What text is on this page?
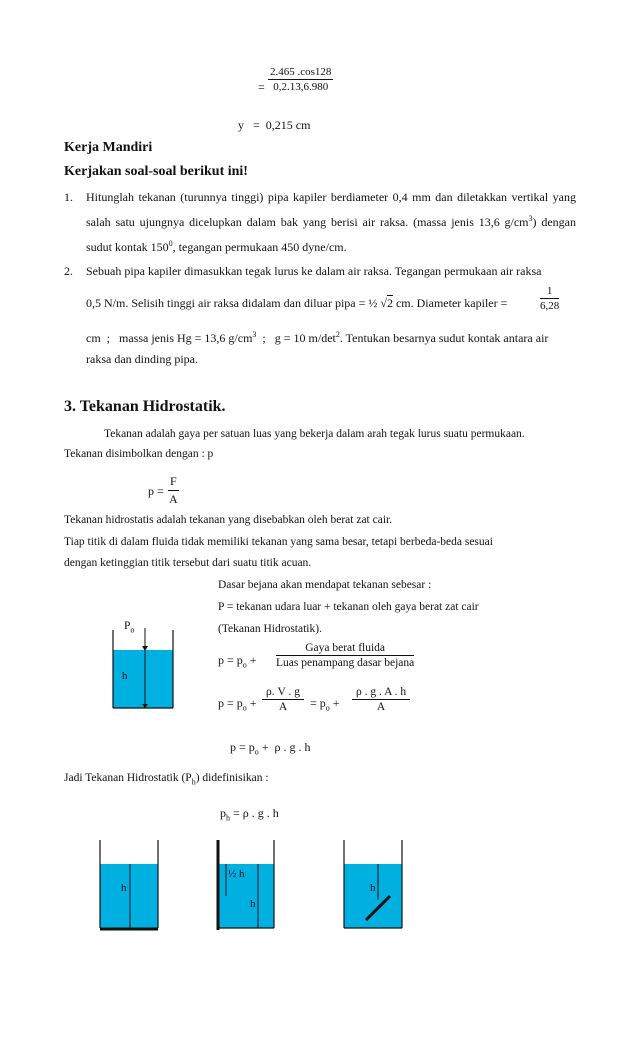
= $\frac{2.465 .\cos 128}{0,2.13,6.980}$
y   =  0,215 cm
Kerja Mandiri
Kerjakan soal-soal berikut ini!
1. Hitunglah tekanan (turunnya tinggi) pipa kapiler berdiameter 0,4 mm dan diletakkan vertikal yang salah satu ujungnya dicelupkan dalam bak yang berisi air raksa. (massa jenis 13,6 $g/cm^3$) dengan sudut kontak $150^0$, tegangan permukaan 450 dyne/cm.
2. Sebuah pipa kapiler dimasukkan tegak lurus ke dalam air raksa. Tegangan permukaan air raksa
0,5 N/m. Selisih tinggi air raksa didalam dan diluar pipa = ½ √2 cm. Diameter kapiler =	$\frac{1}{6,28}$
cm  ;   massa jenis Hg = 13,6 $g/cm^3$  ;   g = 10 $m/\det^2$. Tentukan besarnya sudut kontak antara air
raksa dan dinding pipa.
3. Tekanan Hidrostatik.
Tekanan adalah gaya per satuan luas yang bekerja dalam arah tegak lurus suatu permukaan.
Tekanan disimbolkan dengan : p
$p = \frac{F}{A}$
Tekanan hidrostatis adalah tekanan yang disebabkan oleh berat zat cair.
Tiap titik di dalam fluida tidak memiliki tekanan yang sama besar, tetapi berbeda-beda sesuai
dengan ketinggian titik tersebut dari suatu titik acuan.
Dasar bejana akan mendapat tekanan sebesar :
P = tekanan udara luar + tekanan oleh gaya berat zat cair
(Tekanan Hidrostatik).
$p = p_o + \frac{\text{Gaya berat fluida}}{\text{Luas penampang dasar bejana}}$
$p = p_o + \frac{\rho. V . g}{A} = p_o + \frac{\rho . g . A . h}{A}$
$p = p_o + \rho$ . g . h
$P_o$
h
Jadi Tekanan Hidrostatik $(P_h)$ didefinisikan :
$p_h = \rho$ . g . h
h
½ h
h
h
